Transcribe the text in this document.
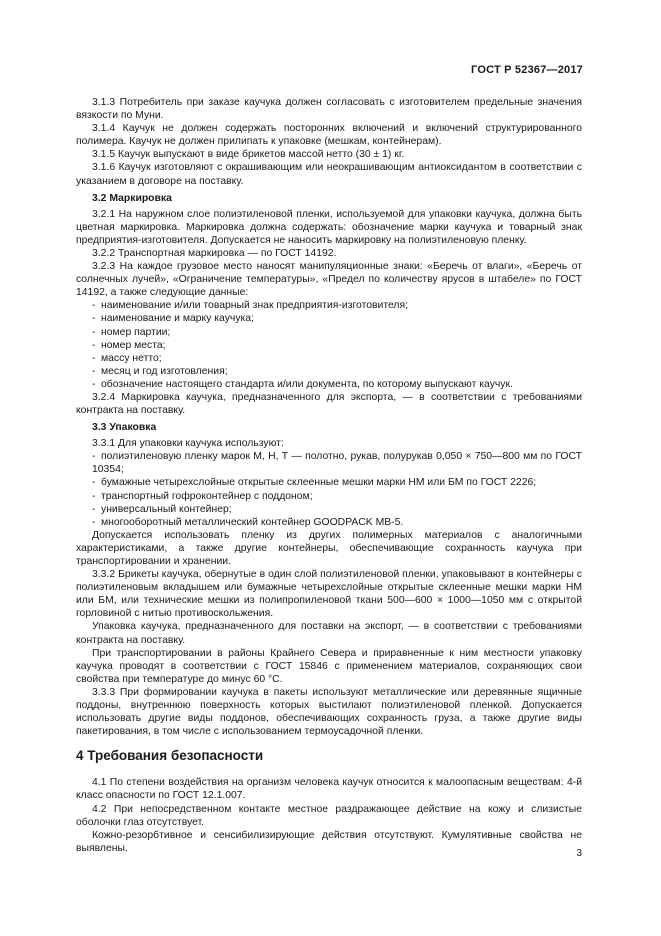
ГОСТ Р 52367—2017

3.1.3 Потребитель при заказе каучука должен согласовать с изготовителем предельные значения вязкости по Муни.

3.1.4 Каучук не должен содержать посторонних включений и включений структурированного полимера. Каучук не должен прилипать к упаковке (мешкам, контейнерам).

3.1.5 Каучук выпускают в виде брикетов массой нетто (30 ± 1) кг.

3.1.6 Каучук изготовляют с окрашивающим или неокрашивающим антиоксидантом в соответствии с указанием в договоре на поставку.

3.2 Маркировка

3.2.1 На наружном слое полиэтиленовой пленки, используемой для упаковки каучука, должна быть цветная маркировка. Маркировка должна содержать: обозначение марки каучука и товарный знак предприятия-изготовителя. Допускается не наносить маркировку на полиэтиленовую пленку.

3.2.2 Транспортная маркировка — по ГОСТ 14192.

3.2.3 На каждое грузовое место наносят манипуляционные знаки: «Беречь от влаги», «Беречь от солнечных лучей», «Ограничение температуры», «Предел по количеству ярусов в штабеле» по ГОСТ 14192, а также следующие данные:

- наименование и/или товарный знак предприятия-изготовителя;
- наименование и марку каучука;
- номер партии;
- номер места;
- массу нетто;
- месяц и год изготовления;
- обозначение настоящего стандарта и/или документа, по которому выпускают каучук.

3.2.4 Маркировка каучука, предназначенного для экспорта, — в соответствии с требованиями контракта на поставку.

3.3 Упаковка

3.3.1 Для упаковки каучука используют:

- полиэтиленовую пленку марок М, Н, Т — полотно, рукав, полурукав 0,050 × 750—800 мм по ГОСТ 10354;
- бумажные четырехслойные открытые склеенные мешки марки НМ или БМ по ГОСТ 2226;
- транспортный гофроконтейнер с поддоном;
- универсальный контейнер;
- многооборотный металлический контейнер GOODPACK MB-5.

Допускается использовать пленку из других полимерных материалов с аналогичными характеристиками, а также другие контейнеры, обеспечивающие сохранность каучука при транспортировании и хранении.

3.3.2 Брикеты каучука, обернутые в один слой полиэтиленовой пленки, упаковывают в контейнеры с полиэтиленовым вкладышем или бумажные четырехслойные открытые склеенные мешки марки НМ или БМ, или технические мешки из полипропиленовой ткани 500—600 × 1000—1050 мм с открытой горловиной с нитью противоскольжения.

Упаковка каучука, предназначенного для поставки на экспорт, — в соответствии с требованиями контракта на поставку.

При транспортировании в районы Крайнего Севера и приравненные к ним местности упаковку каучука проводят в соответствии с ГОСТ 15846 с применением материалов, сохраняющих свои свойства при температуре до минус 60 °С.

3.3.3 При формировании каучука в пакеты используют металлические или деревянные ящичные поддоны, внутреннюю поверхность которых выстилают полиэтиленовой пленкой. Допускается использовать другие виды поддонов, обеспечивающих сохранность груза, а также другие виды пакетирования, в том числе с использованием термоусадочной пленки.

4 Требования безопасности

4.1 По степени воздействия на организм человека каучук относится к малоопасным веществам: 4-й класс опасности по ГОСТ 12.1.007.

4.2 При непосредственном контакте местное раздражающее действие на кожу и слизистые оболочки глаз отсутствует.

Кожно-резорбтивное и сенсибилизирующие действия отсутствуют. Кумулятивные свойства не выявлены.	3
